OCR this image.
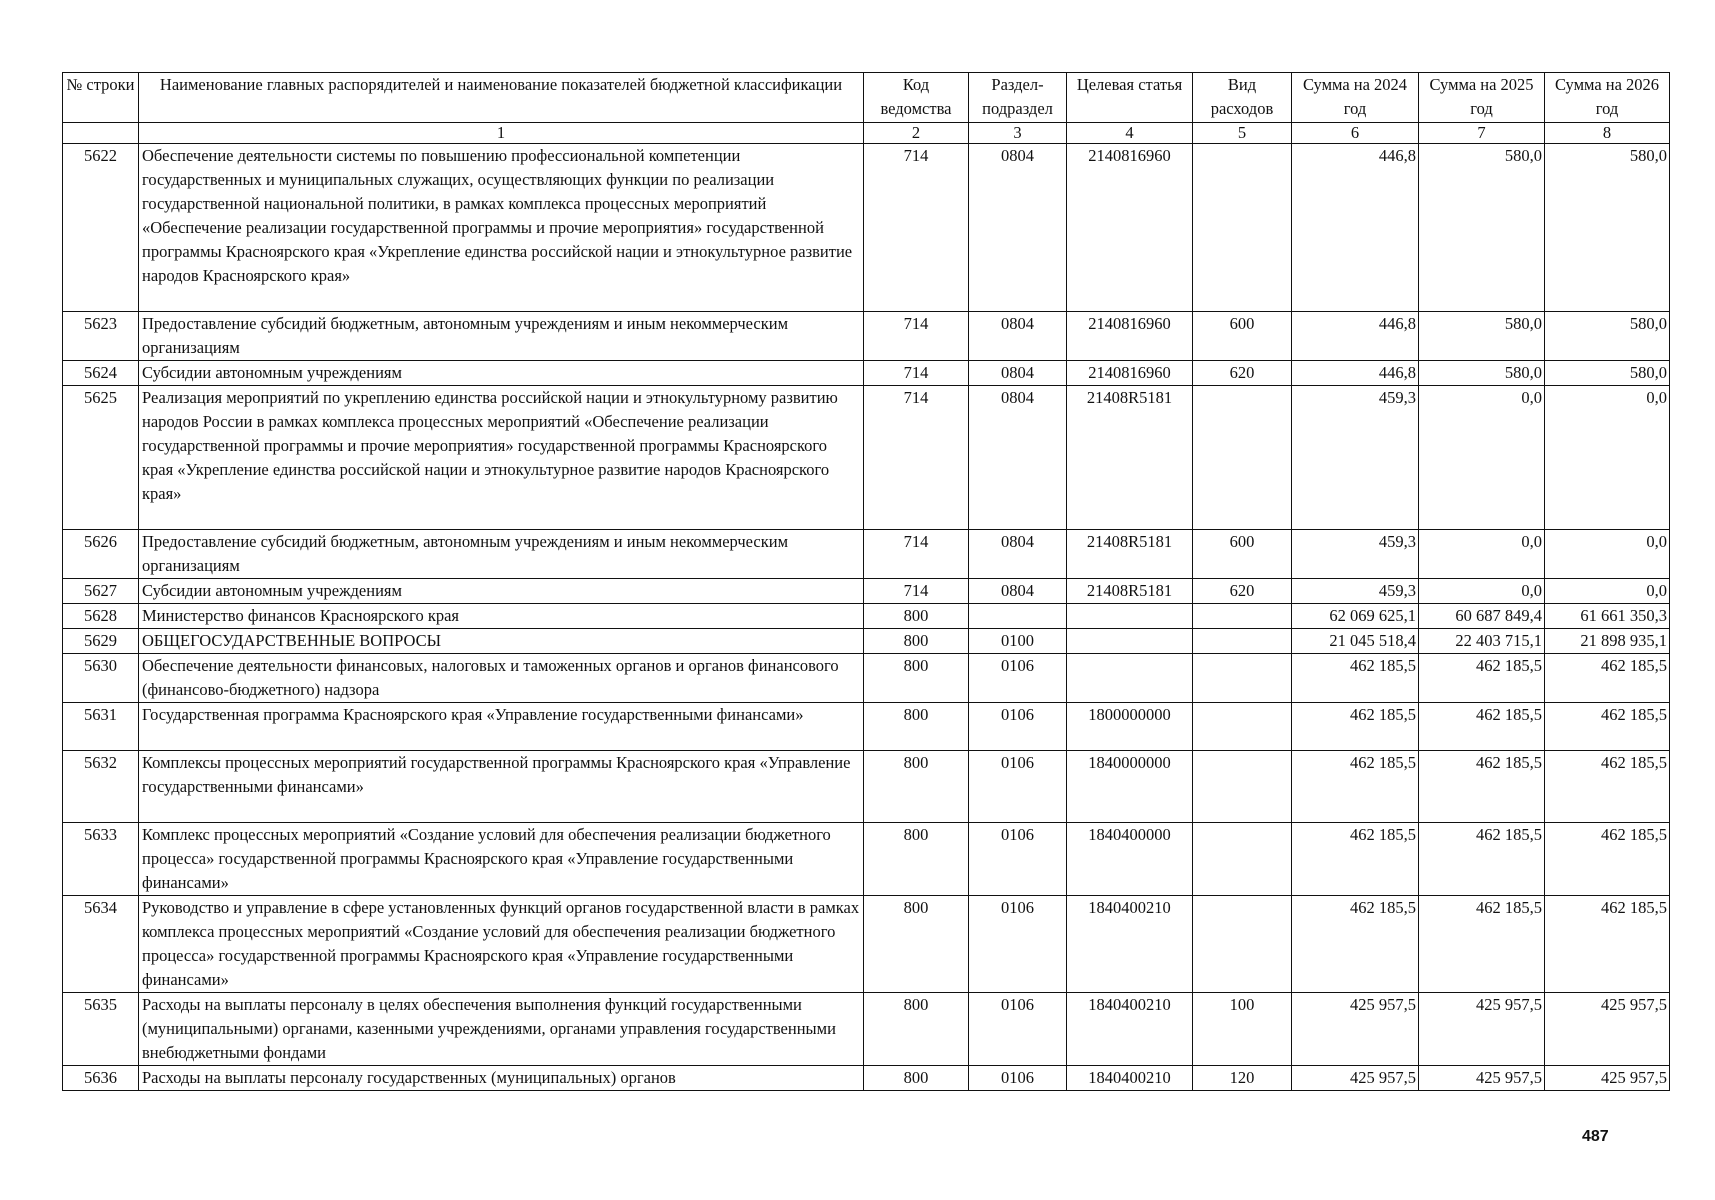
№ строки	Наименование главных распорядителей и наименование показателей бюджетной классификации	Код ведомства	Раздел-подраздел	Целевая статья	Вид расходов	Сумма на 2024 год	Сумма на 2025 год	Сумма на 2026 год
	1	2	3	4	5	6	7	8
5622	Обеспечение деятельности системы по повышению профессиональной компетенции государственных и муниципальных служащих, осуществляющих функции по реализации государственной национальной политики, в рамках комплекса процессных мероприятий «Обеспечение реализации государственной программы и прочие мероприятия» государственной программы Красноярского края «Укрепление единства российской нации и этнокультурное развитие народов Красноярского края»	714	0804	2140816960		446,8	580,0	580,0
5623	Предоставление субсидий бюджетным, автономным учреждениям и иным некоммерческим организациям	714	0804	2140816960	600	446,8	580,0	580,0
5624	Субсидии автономным учреждениям	714	0804	2140816960	620	446,8	580,0	580,0
5625	Реализация мероприятий по укреплению единства российской нации и этнокультурному развитию народов России в рамках комплекса процессных мероприятий «Обеспечение реализации государственной программы и прочие мероприятия» государственной программы Красноярского края «Укрепление единства российской нации и этнокультурное развитие народов Красноярского края»	714	0804	21408R5181		459,3	0,0	0,0
5626	Предоставление субсидий бюджетным, автономным учреждениям и иным некоммерческим организациям	714	0804	21408R5181	600	459,3	0,0	0,0
5627	Субсидии автономным учреждениям	714	0804	21408R5181	620	459,3	0,0	0,0
5628	Министерство финансов Красноярского края	800				62 069 625,1	60 687 849,4	61 661 350,3
5629	ОБЩЕГОСУДАРСТВЕННЫЕ ВОПРОСЫ	800	0100			21 045 518,4	22 403 715,1	21 898 935,1
5630	Обеспечение деятельности финансовых, налоговых и таможенных органов и органов финансового (финансово-бюджетного) надзора	800	0106			462 185,5	462 185,5	462 185,5
5631	Государственная программа Красноярского края «Управление государственными финансами»	800	0106	1800000000		462 185,5	462 185,5	462 185,5
5632	Комплексы процессных мероприятий государственной программы Красноярского края «Управление государственными финансами»	800	0106	1840000000		462 185,5	462 185,5	462 185,5
5633	Комплекс процессных мероприятий «Создание условий для обеспечения реализации бюджетного процесса» государственной программы Красноярского края «Управление государственными финансами»	800	0106	1840400000		462 185,5	462 185,5	462 185,5
5634	Руководство и управление в сфере установленных функций органов государственной власти в рамках комплекса процессных мероприятий «Создание условий для обеспечения реализации бюджетного процесса» государственной программы Красноярского края «Управление государственными финансами»	800	0106	1840400210		462 185,5	462 185,5	462 185,5
5635	Расходы на выплаты персоналу в целях обеспечения выполнения функций государственными (муниципальными) органами, казенными учреждениями, органами управления государственными внебюджетными фондами	800	0106	1840400210	100	425 957,5	425 957,5	425 957,5
5636	Расходы на выплаты персоналу государственных (муниципальных) органов	800	0106	1840400210	120	425 957,5	425 957,5	425 957,5
487
